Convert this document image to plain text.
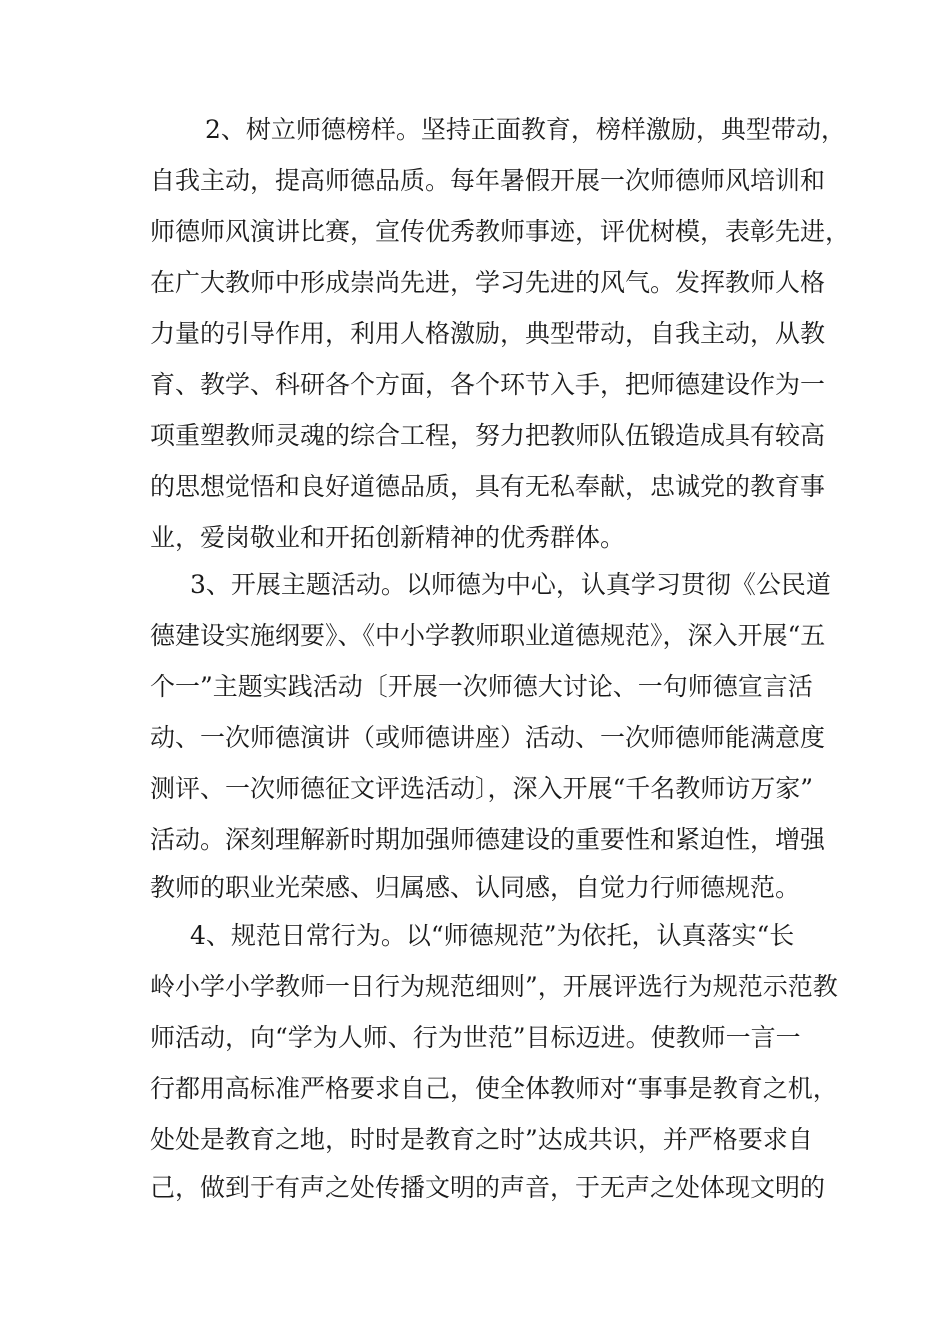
2、树立师德榜样。坚持正面教育，榜样激励，典型带动，
自我主动，提高师德品质。每年暑假开展一次师德师风培训和
师德师风演讲比赛，宣传优秀教师事迹，评优树模，表彰先进，
在广大教师中形成崇尚先进，学习先进的风气。发挥教师人格
力量的引导作用，利用人格激励，典型带动，自我主动，从教
育、教学、科研各个方面，各个环节入手，把师德建设作为一
项重塑教师灵魂的综合工程，努力把教师队伍锻造成具有较高
的思想觉悟和良好道德品质，具有无私奉献，忠诚党的教育事
业，爱岗敬业和开拓创新精神的优秀群体。
3、开展主题活动。以师德为中心，认真学习贯彻《公民道
德建设实施纲要》、《中小学教师职业道德规范》，深入开展“五
个一”主题实践活动〔开展一次师德大讨论、一句师德宣言活
动、一次师德演讲（或师德讲座）活动、一次师德师能满意度
测评、一次师德征文评选活动〕，深入开展“千名教师访万家”
活动。深刻理解新时期加强师德建设的重要性和紧迫性，增强
教师的职业光荣感、归属感、认同感，自觉力行师德规范。
4、规范日常行为。以“师德规范”为依托，认真落实“长
岭小学小学教师一日行为规范细则”，开展评选行为规范示范教
师活动，向“学为人师、行为世范”目标迈进。使教师一言一
行都用高标准严格要求自己，使全体教师对“事事是教育之机，
处处是教育之地，时时是教育之时”达成共识，并严格要求自
己，做到于有声之处传播文明的声音，于无声之处体现文明的
